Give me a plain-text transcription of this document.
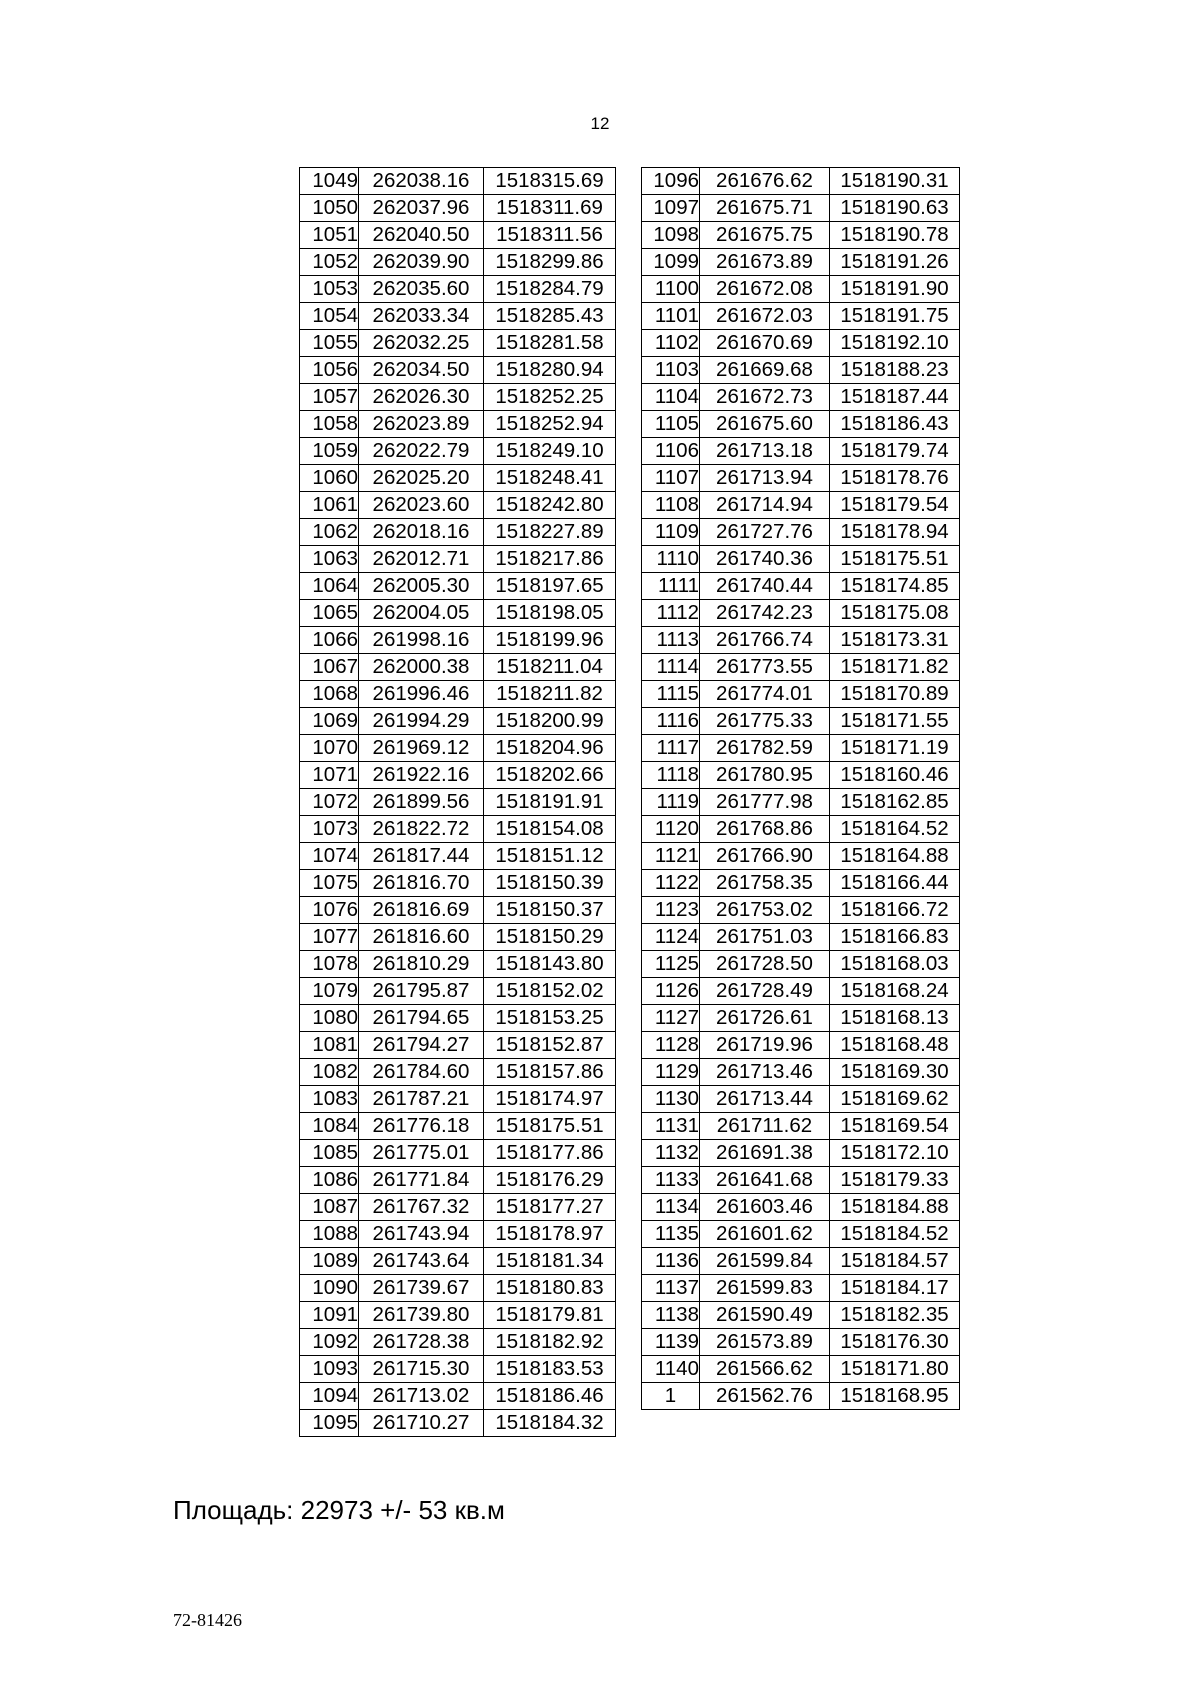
12
1049	262038.16	1518315.69
1050	262037.96	1518311.69
1051	262040.50	1518311.56
1052	262039.90	1518299.86
1053	262035.60	1518284.79
1054	262033.34	1518285.43
1055	262032.25	1518281.58
1056	262034.50	1518280.94
1057	262026.30	1518252.25
1058	262023.89	1518252.94
1059	262022.79	1518249.10
1060	262025.20	1518248.41
1061	262023.60	1518242.80
1062	262018.16	1518227.89
1063	262012.71	1518217.86
1064	262005.30	1518197.65
1065	262004.05	1518198.05
1066	261998.16	1518199.96
1067	262000.38	1518211.04
1068	261996.46	1518211.82
1069	261994.29	1518200.99
1070	261969.12	1518204.96
1071	261922.16	1518202.66
1072	261899.56	1518191.91
1073	261822.72	1518154.08
1074	261817.44	1518151.12
1075	261816.70	1518150.39
1076	261816.69	1518150.37
1077	261816.60	1518150.29
1078	261810.29	1518143.80
1079	261795.87	1518152.02
1080	261794.65	1518153.25
1081	261794.27	1518152.87
1082	261784.60	1518157.86
1083	261787.21	1518174.97
1084	261776.18	1518175.51
1085	261775.01	1518177.86
1086	261771.84	1518176.29
1087	261767.32	1518177.27
1088	261743.94	1518178.97
1089	261743.64	1518181.34
1090	261739.67	1518180.83
1091	261739.80	1518179.81
1092	261728.38	1518182.92
1093	261715.30	1518183.53
1094	261713.02	1518186.46
1095	261710.27	1518184.32
1096	261676.62	1518190.31
1097	261675.71	1518190.63
1098	261675.75	1518190.78
1099	261673.89	1518191.26
1100	261672.08	1518191.90
1101	261672.03	1518191.75
1102	261670.69	1518192.10
1103	261669.68	1518188.23
1104	261672.73	1518187.44
1105	261675.60	1518186.43
1106	261713.18	1518179.74
1107	261713.94	1518178.76
1108	261714.94	1518179.54
1109	261727.76	1518178.94
1110	261740.36	1518175.51
1111	261740.44	1518174.85
1112	261742.23	1518175.08
1113	261766.74	1518173.31
1114	261773.55	1518171.82
1115	261774.01	1518170.89
1116	261775.33	1518171.55
1117	261782.59	1518171.19
1118	261780.95	1518160.46
1119	261777.98	1518162.85
1120	261768.86	1518164.52
1121	261766.90	1518164.88
1122	261758.35	1518166.44
1123	261753.02	1518166.72
1124	261751.03	1518166.83
1125	261728.50	1518168.03
1126	261728.49	1518168.24
1127	261726.61	1518168.13
1128	261719.96	1518168.48
1129	261713.46	1518169.30
1130	261713.44	1518169.62
1131	261711.62	1518169.54
1132	261691.38	1518172.10
1133	261641.68	1518179.33
1134	261603.46	1518184.88
1135	261601.62	1518184.52
1136	261599.84	1518184.57
1137	261599.83	1518184.17
1138	261590.49	1518182.35
1139	261573.89	1518176.30
1140	261566.62	1518171.80
1	261562.76	1518168.95
Площадь: 22973 +/- 53 кв.м
72-81426
